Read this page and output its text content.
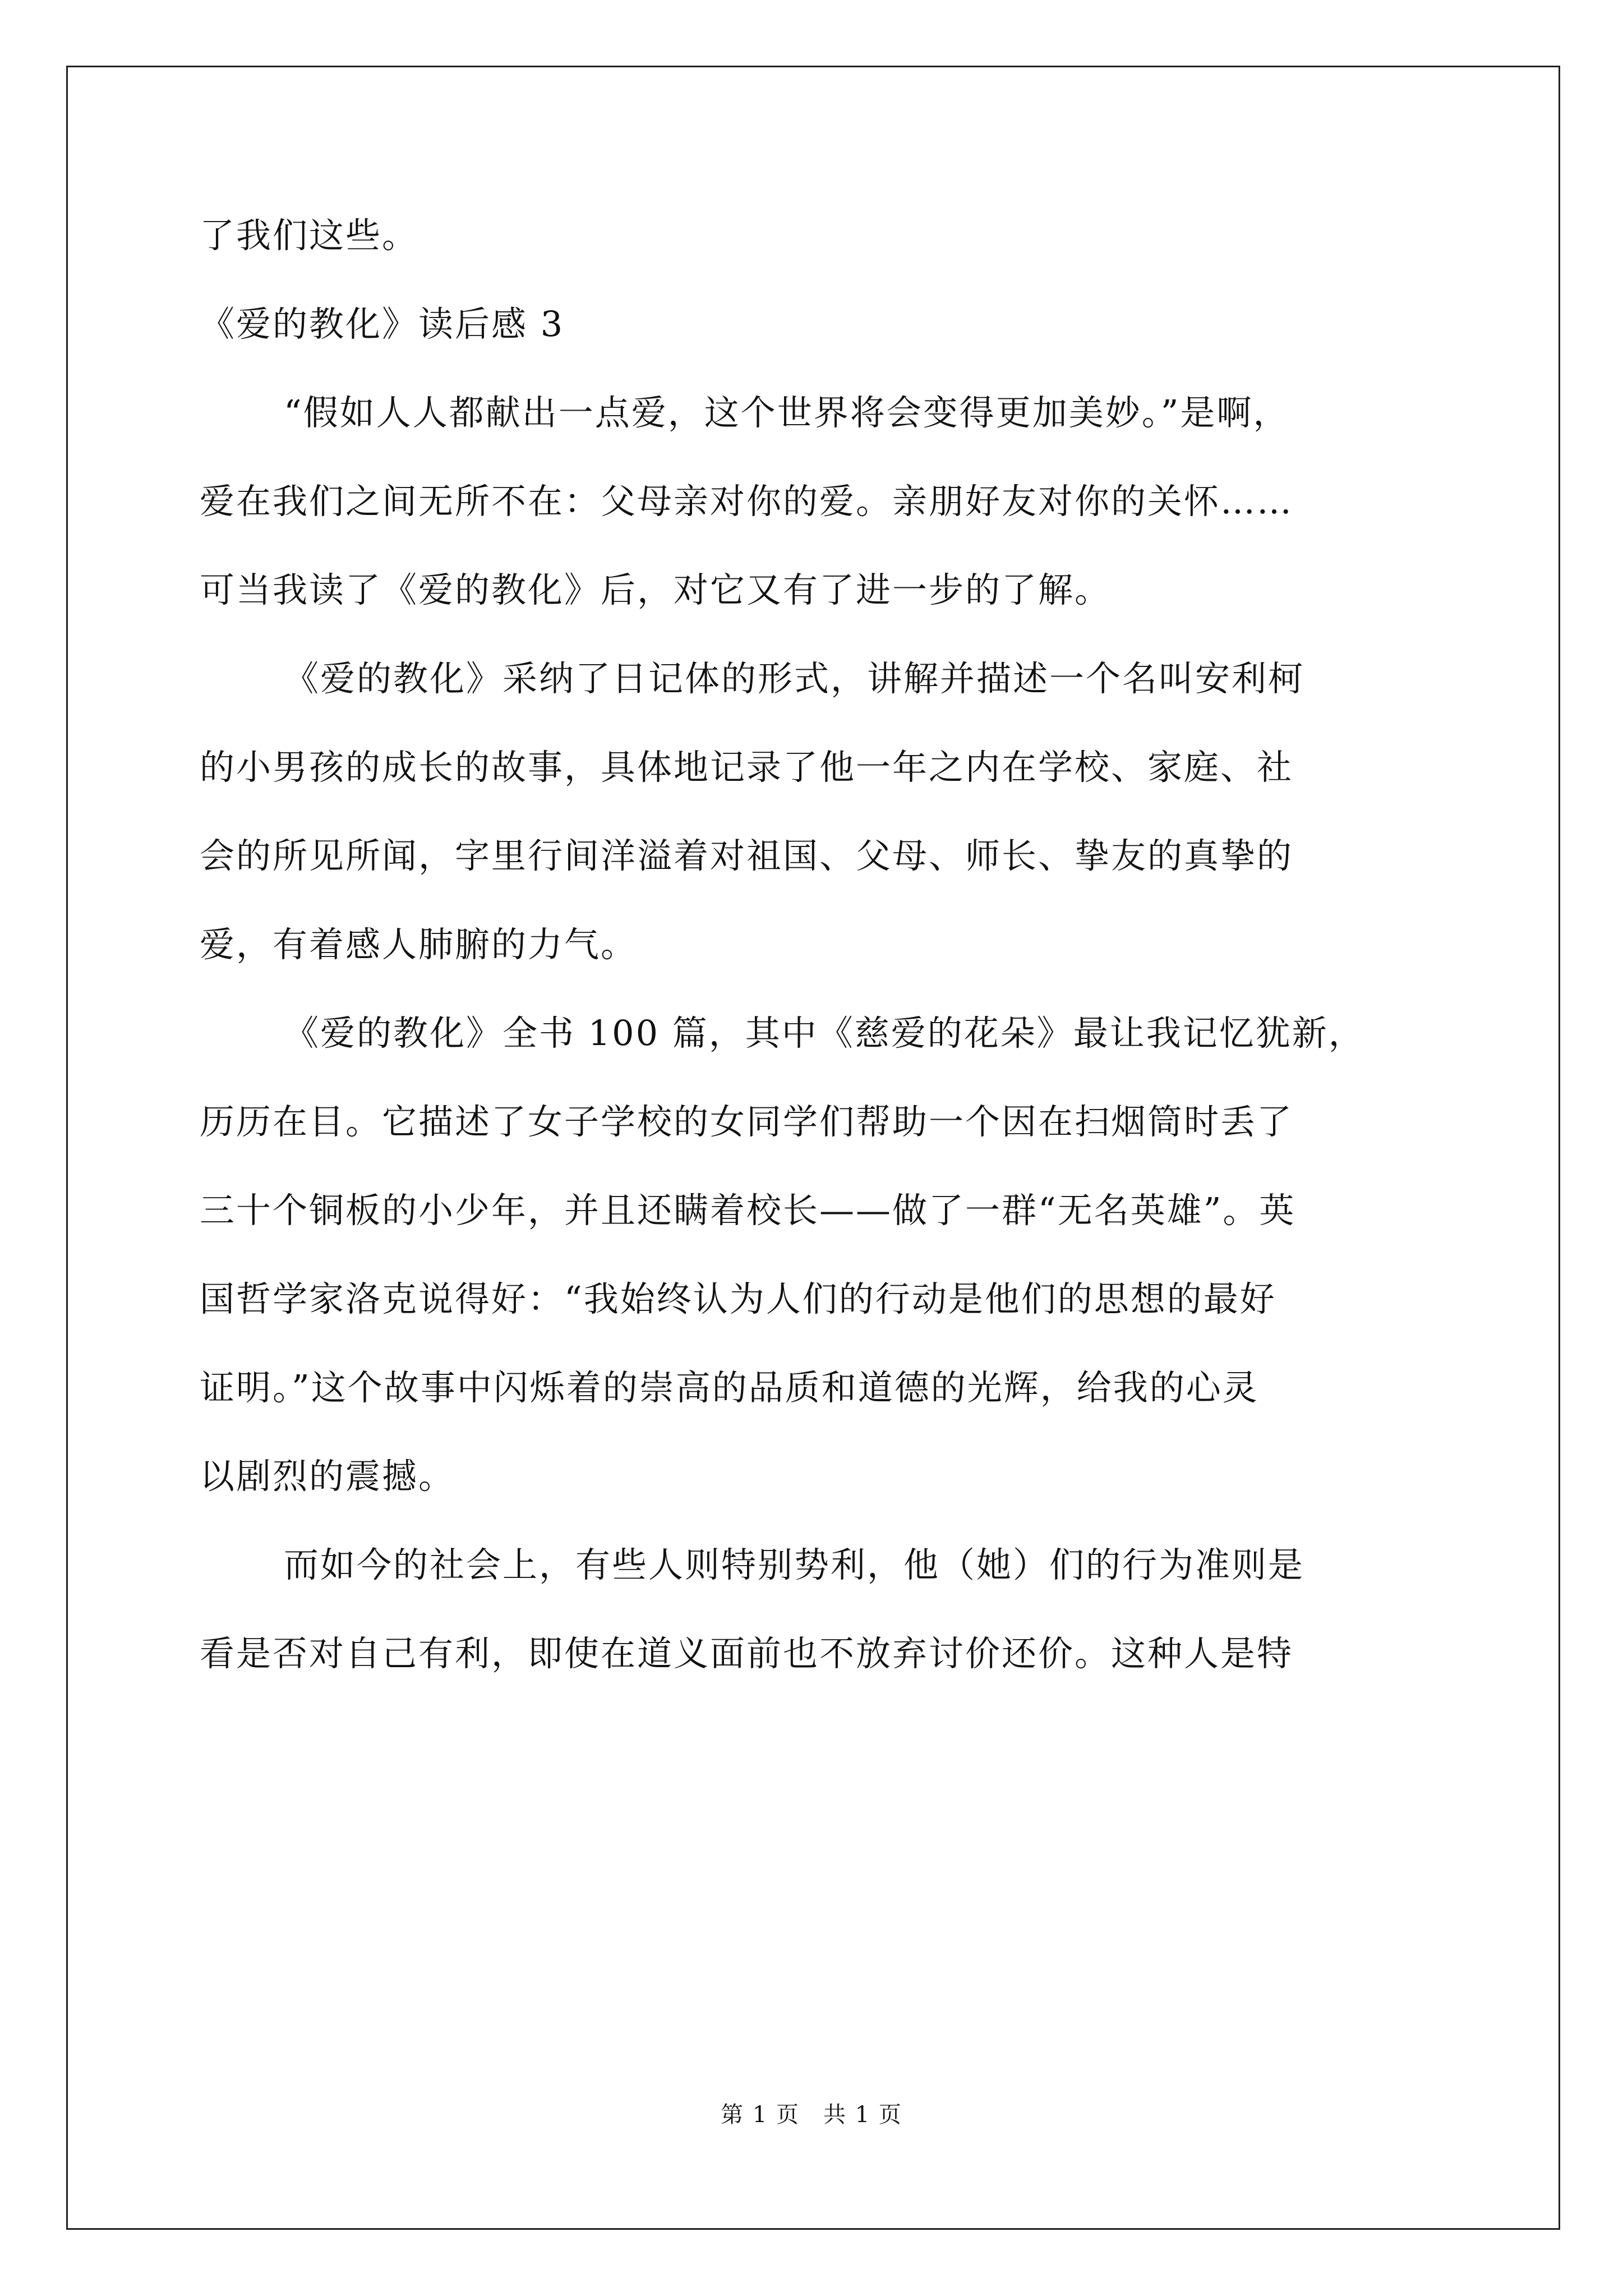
了我们这些。
《爱的教化》读后感 3
“假如人人都献出一点爱，这个世界将会变得更加美妙。”是啊，
爱在我们之间无所不在：父母亲对你的爱。亲朋好友对你的关怀……
可当我读了《爱的教化》后，对它又有了进一步的了解。
《爱的教化》采纳了日记体的形式，讲解并描述一个名叫安利柯
的小男孩的成长的故事，具体地记录了他一年之内在学校、家庭、社
会的所见所闻，字里行间洋溢着对祖国、父母、师长、挚友的真挚的
爱，有着感人肺腑的力气。
《爱的教化》全书 100 篇，其中《慈爱的花朵》最让我记忆犹新，
历历在目。它描述了女子学校的女同学们帮助一个因在扫烟筒时丢了
三十个铜板的小少年，并且还瞒着校长——做了一群“无名英雄”。英
国哲学家洛克说得好：“我始终认为人们的行动是他们的思想的最好
证明。”这个故事中闪烁着的崇高的品质和道德的光辉，给我的心灵
以剧烈的震撼。
而如今的社会上，有些人则特别势利，他（她）们的行为准则是
看是否对自己有利，即使在道义面前也不放弃讨价还价。这种人是特
第 1 页　共 1 页
